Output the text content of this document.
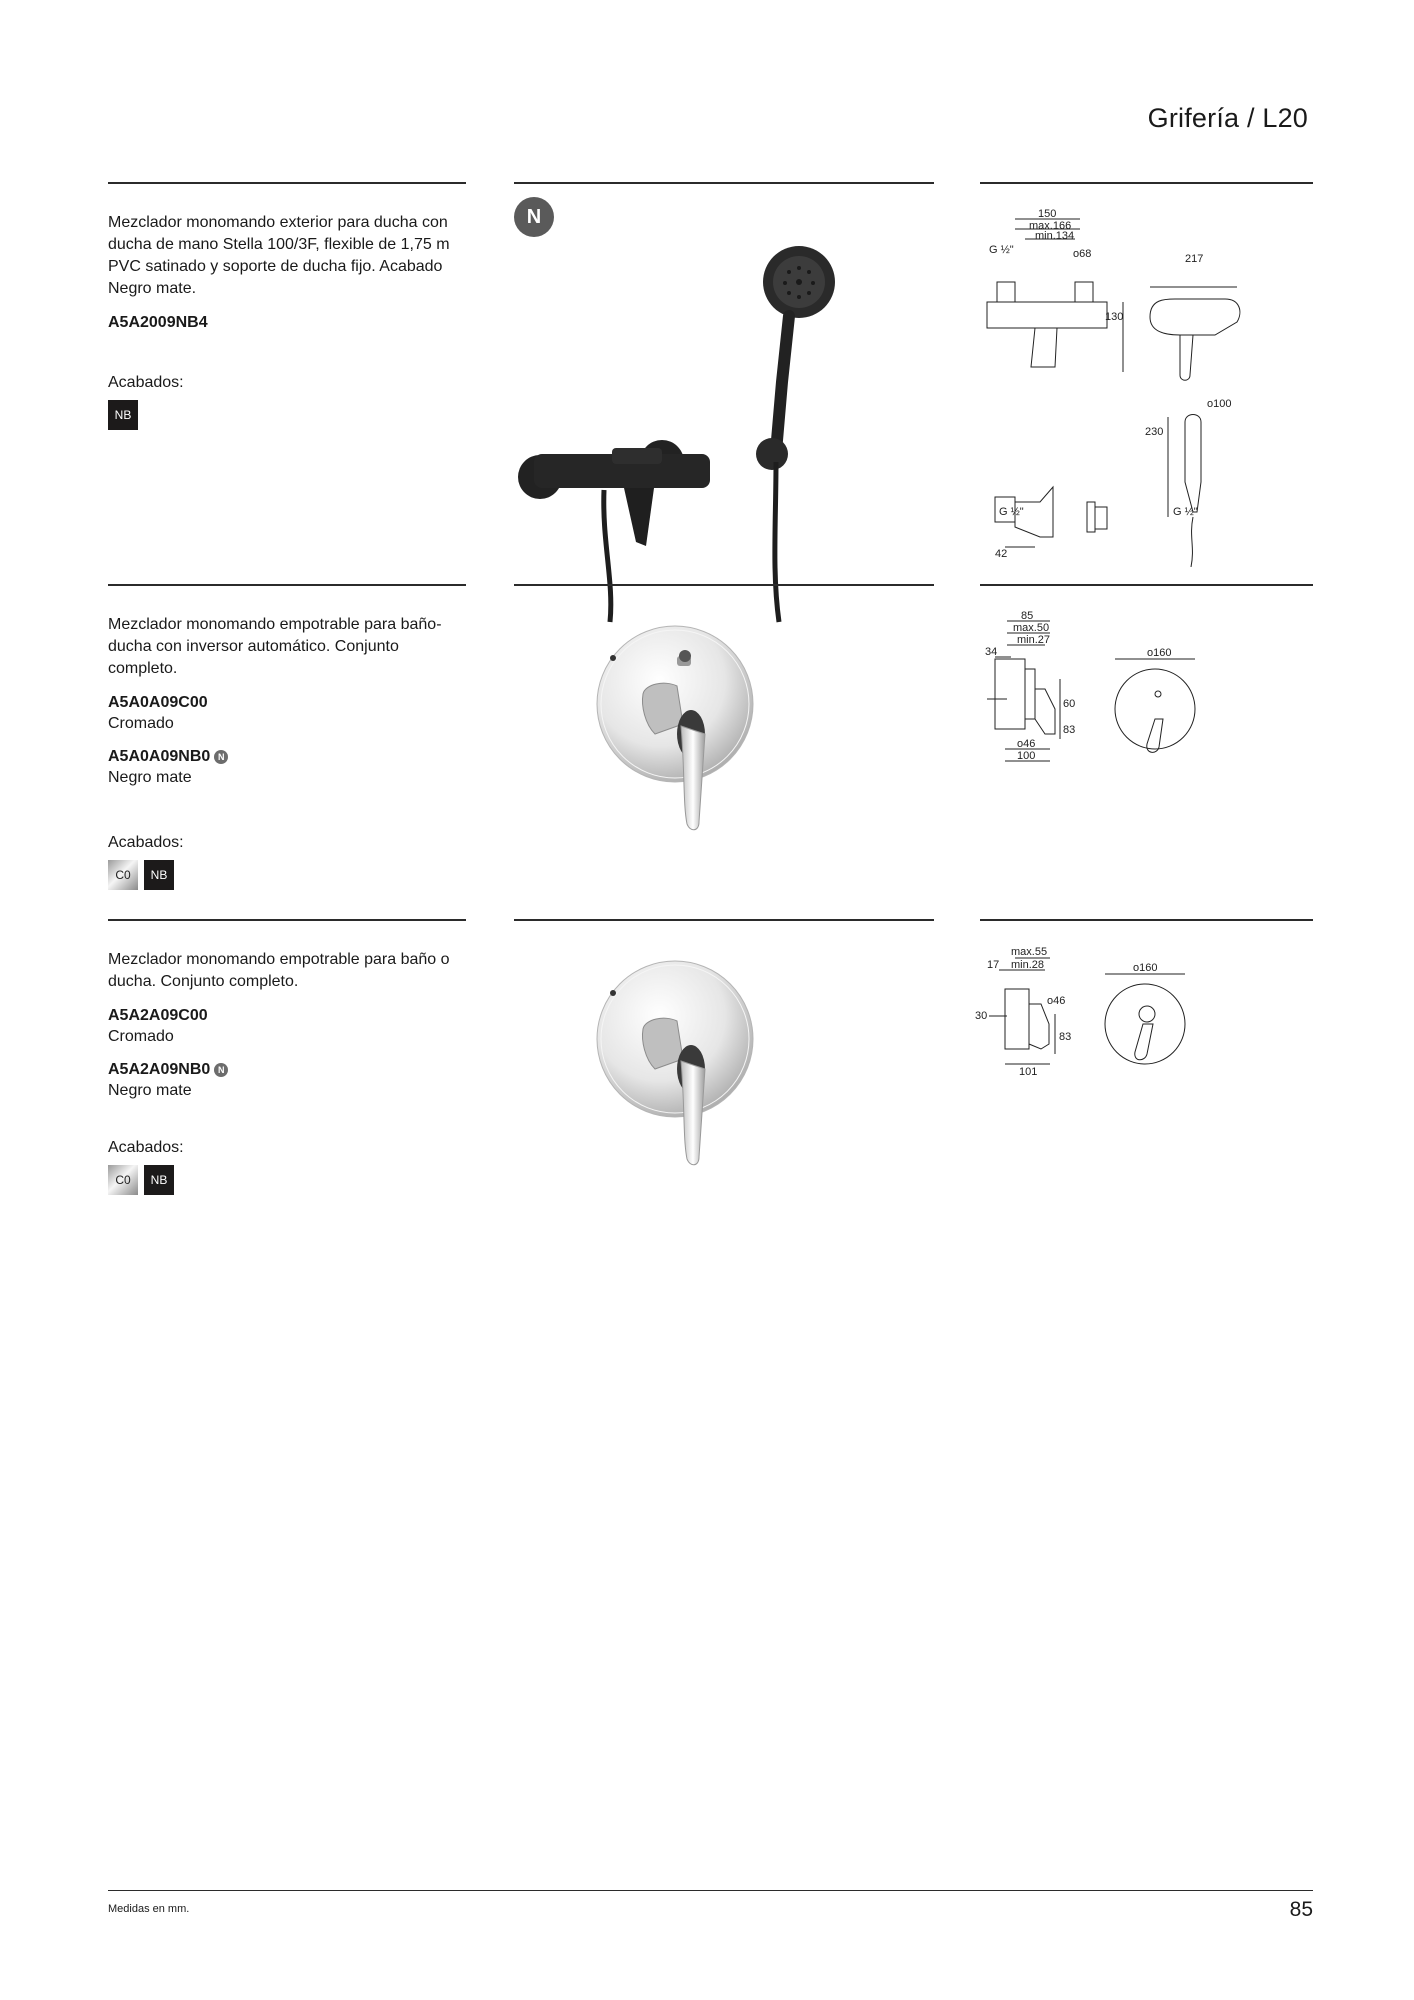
Grifería / L20
Mezclador monomando exterior para ducha con ducha de mano Stella 100/3F, flexible de 1,75 m PVC satinado y soporte de ducha fijo. Acabado Negro mate.
A5A2009NB4
Acabados:
NB
N	150
max.166
min.134
G ½"	o68	217
130
230
o100
G ½"
42
G ½"
Mezclador monomando empotrable para baño-ducha con inversor automático. Conjunto completo.
A5A0A09C00
Cromado
A5A0A09NB0 N
Negro mate
Acabados:
C0	NB
85
max.50
min.27
34
60
83
o46
100
o160
Mezclador monomando empotrable para baño o ducha. Conjunto completo.
A5A2A09C00
Cromado
A5A2A09NB0 N
Negro mate
Acabados:
C0	NB
max.55
17 min.28
o46
30
83
101
o160
Medidas en mm.	85
